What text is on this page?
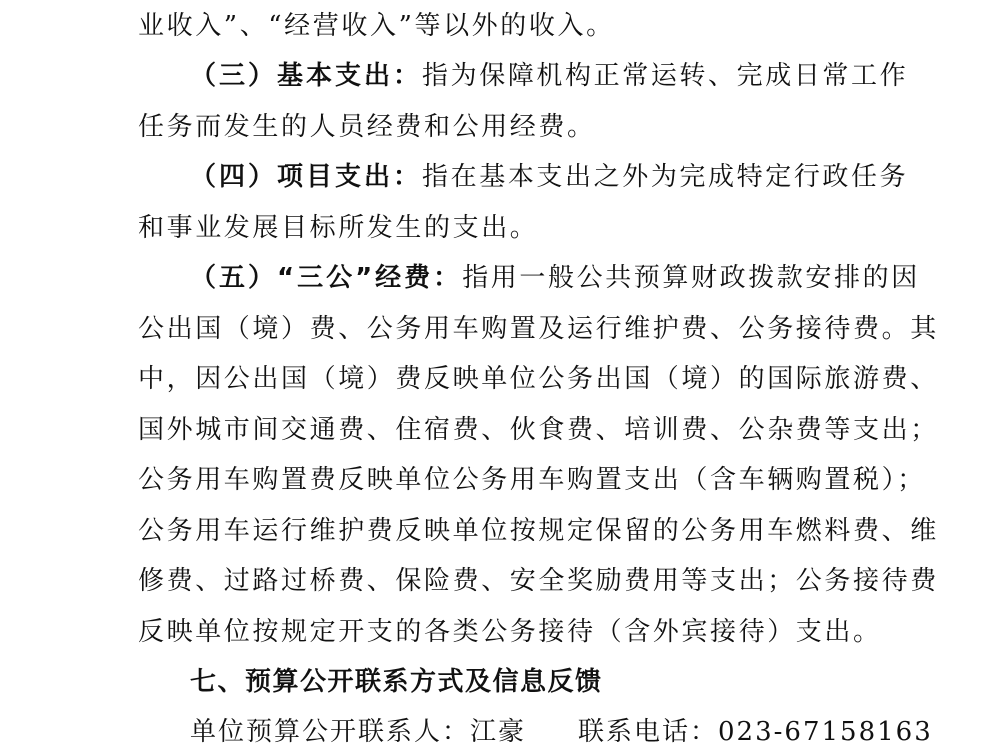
业收入”、“经营收入”等以外的收入。
（三）基本支出：指为保障机构正常运转、完成日常工作
任务而发生的人员经费和公用经费。
（四）项目支出：指在基本支出之外为完成特定行政任务
和事业发展目标所发生的支出。
（五）“三公”经费：指用一般公共预算财政拨款安排的因
公出国（境）费、公务用车购置及运行维护费、公务接待费。其
中，因公出国（境）费反映单位公务出国（境）的国际旅游费、
国外城市间交通费、住宿费、伙食费、培训费、公杂费等支出；
公务用车购置费反映单位公务用车购置支出（含车辆购置税）；
公务用车运行维护费反映单位按规定保留的公务用车燃料费、维
修费、过路过桥费、保险费、安全奖励费用等支出；公务接待费
反映单位按规定开支的各类公务接待（含外宾接待）支出。
七、预算公开联系方式及信息反馈
单位预算公开联系人：江豪 联系电话：023-67158163
